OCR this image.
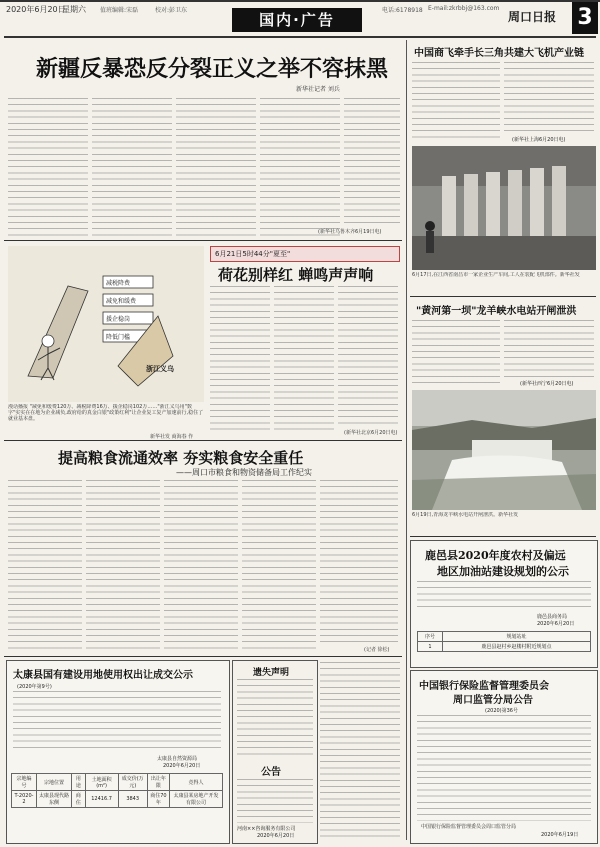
2020年6月20日
星期六 值班编辑:宋磊	校对:彭卫东
国内·广告
电话:6178918 E-mail:zkrbbj@163.com
周口日报 3
新疆反暴恐反分裂正义之举不容抹黑
新华社记者 刘兵
(新华社乌鲁木齐6月19日电)
减税降费
减免和缓费
援企稳岗
降低门槛
浙江义乌
漫话播报 "减免和缓费120万、减税降费16万、援企稳岗102万……"浙江义乌用"数字"实实在在地为企业减负,政府给的真金白银"政策红利"让企业复工复产加速前行,稳住了就业基本盘。
新华社发 商海春 作
6月21日5时44分"夏至"
荷花别样红 蝉鸣声声响
(新华社北京6月20日电)
提高粮食流通效率 夯实粮食安全重任
——周口市粮食和物资储备局工作纪实
(记者 徐松)
太康县国有建设用地使用权出让成交公示
(2020年第9号)
太康县自然资源局
2020年6月20日
宗地编号	宗地位置	用途	土地面积(m²)	成交价(万元)	出让年限	竞得人
T-2020-2	太康县现代路东侧	商住	12416.7	3843	商住70年	太康县某房地产开发有限公司
遗失声明
公告
河南××咨询服务有限公司
2020年6月20日
中国商飞牵手长三角共建大飞机产业链
(新华社上海6月20日电)
6月17日,在江西省南昌市一家企业生产车间,工人在装配飞机部件。新华社发
"黄河第一坝"龙羊峡水电站开闸泄洪
(新华社西宁6月20日电)
6月19日,青海龙羊峡水电站开闸泄洪。新华社发
鹿邑县2020年度农村及偏远
地区加油站建设规划的公示
鹿邑县商务局
2020年6月20日
序号	规划站址
1	鹿邑县赵村乡赵楼村附近规划点
中国银行保险监督管理委员会
周口监管分局公告
(2020)第36号
中国银行保险监督管理委员会周口监管分局
2020年6月19日
